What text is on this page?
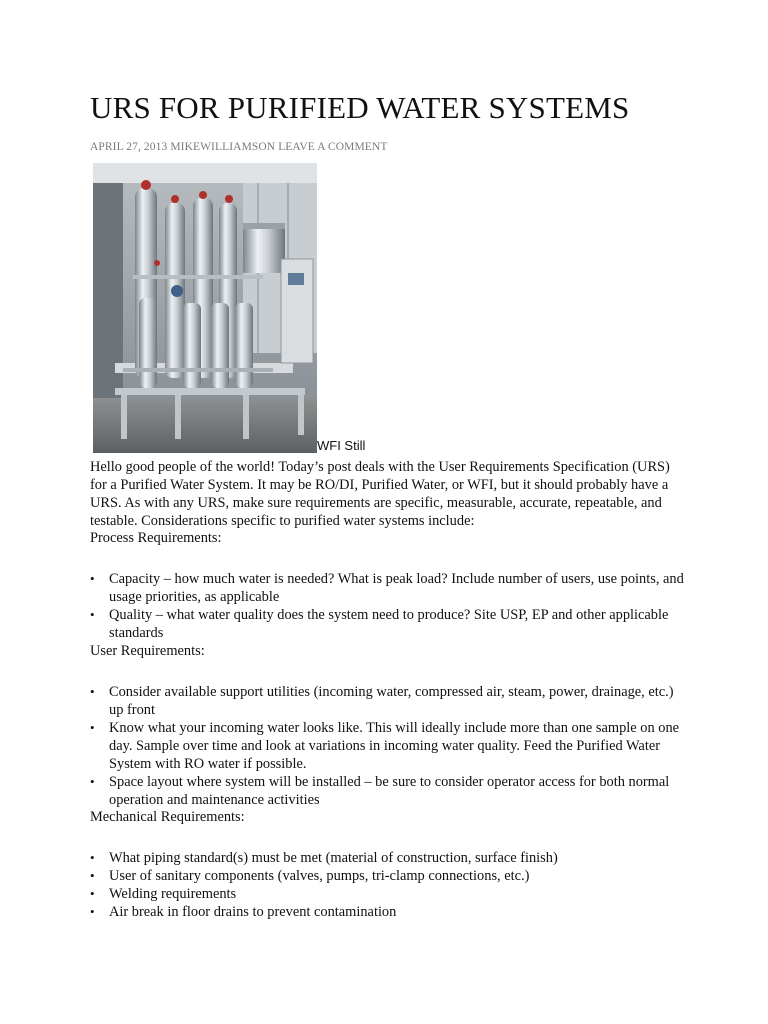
URS FOR PURIFIED WATER SYSTEMS
APRIL 27, 2013 MIKEWILLIAMSON LEAVE A COMMENT
WFI Still

Hello good people of the world! Today’s post deals with the User Requirements Specification (URS) for a Purified Water System. It may be RO/DI, Purified Water, or WFI, but it should probably have a URS. As with any URS, make sure requirements are specific, measurable, accurate, repeatable, and testable. Considerations specific to purified water systems include:

Process Requirements:
• Capacity – how much water is needed? What is peak load? Include number of users, use points, and usage priorities, as applicable
• Quality – what water quality does the system need to produce? Site USP, EP and other applicable standards
User Requirements:
• Consider available support utilities (incoming water, compressed air, steam, power, drainage, etc.) up front
• Know what your incoming water looks like. This will ideally include more than one sample on one day. Sample over time and look at variations in incoming water quality. Feed the Purified Water System with RO water if possible.
• Space layout where system will be installed – be sure to consider operator access for both normal operation and maintenance activities
Mechanical Requirements:
• What piping standard(s) must be met (material of construction, surface finish)
• User of sanitary components (valves, pumps, tri-clamp connections, etc.)
• Welding requirements
• Air break in floor drains to prevent contamination
